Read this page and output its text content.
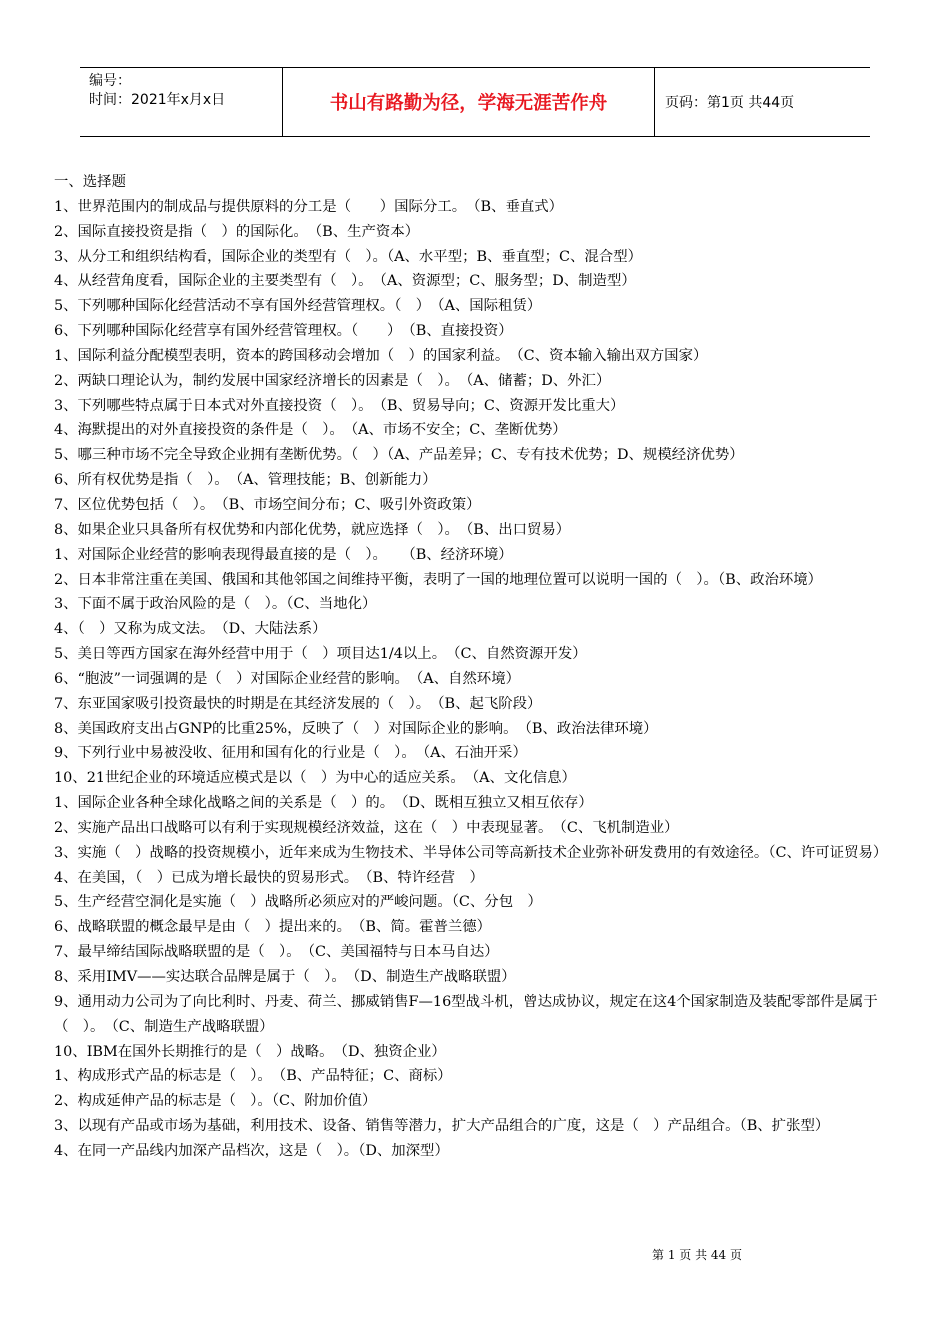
编号：
时间：2021年x月x日	书山有路勤为径，学海无涯苦作舟	页码：第1页 共44页
一、选择题
1、世界范围内的制成品与提供原料的分工是（　　）国际分工。　（B、垂直式）
2、国际直接投资是指（　）的国际化。　（B、生产资本）
3、从分工和组织结构看，国际企业的类型有（　）。（A、水平型；B、垂直型；C、混合型）
4、从经营角度看，国际企业的主要类型有（　）。　（A、资源型；C、服务型；D、制造型）
5、下列哪种国际化经营活动不享有国外经营管理权。（　）　（A、国际租赁）
6、下列哪种国际化经营享有国外经营管理权。（　　）　（B、直接投资）
1、国际利益分配模型表明，资本的跨国移动会增加（　）的国家利益。　（C、资本输入输出双方国家）
2、两缺口理论认为，制约发展中国家经济增长的因素是（　）。　（A、储蓄；D、外汇）
3、下列哪些特点属于日本式对外直接投资（　）。　（B、贸易导向；C、资源开发比重大）
4、海默提出的对外直接投资的条件是（　）。　（A、市场不安全；C、垄断优势）
5、哪三种市场不完全导致企业拥有垄断优势。（　）（A、产品差异；C、专有技术优势；D、规模经济优势）
6、所有权优势是指（　）。　（A、管理技能；B、创新能力）
7、区位优势包括（　）。　（B、市场空间分布；C、吸引外资政策）
8、如果企业只具备所有权优势和内部化优势，就应选择（　）。　（B、出口贸易）
1、对国际企业经营的影响表现得最直接的是（　）。　　（B、经济环境）
2、日本非常注重在美国、俄国和其他邻国之间维持平衡，表明了一国的地理位置可以说明一国的（　）。（B、政治环境）
3、下面不属于政治风险的是（　）。（C、当地化）
4、（　）又称为成文法。　（D、大陆法系）
5、美日等西方国家在海外经营中用于（　）项目达1/4以上。　（C、自然资源开发）
6、“胞波”一词强调的是（　）对国际企业经营的影响。　（A、自然环境）
7、东亚国家吸引投资最快的时期是在其经济发展的（　）。　（B、起飞阶段）
8、美国政府支出占GNP的比重25%，反映了（　）对国际企业的影响。　（B、政治法律环境）
9、下列行业中易被没收、征用和国有化的行业是（　）。　（A、石油开采）
10、21世纪企业的环境适应模式是以（　）为中心的适应关系。　（A、文化信息）
1、国际企业各种全球化战略之间的关系是（　）的。　（D、既相互独立又相互依存）
2、实施产品出口战略可以有利于实现规模经济效益，这在（　）中表现显著。　（C、飞机制造业）
3、实施（　）战略的投资规模小，近年来成为生物技术、半导体公司等高新技术企业弥补研发费用的有效途径。（C、许可证贸易）
4、在美国，（　）已成为增长最快的贸易形式。　（B、特许经营　）
5、生产经营空洞化是实施（　）战略所必须应对的严峻问题。（C、分包　）
6、战略联盟的概念最早是由（　）提出来的。　（B、简。霍普兰德）
7、最早缔结国际战略联盟的是（　）。　（C、美国福特与日本马自达）
8、采用IMV——实达联合品牌是属于（　）。　（D、制造生产战略联盟）
9、通用动力公司为了向比利时、丹麦、荷兰、挪威销售F—16型战斗机，曾达成协议，规定在这4个国家制造及装配零部件是属于（　）。　（C、制造生产战略联盟）
10、IBM在国外长期推行的是（　）战略。　（D、独资企业）
1、构成形式产品的标志是（　）。　（B、产品特征；C、商标）
2、构成延伸产品的标志是（　）。（C、附加价值）
3、以现有产品或市场为基础，利用技术、设备、销售等潜力，扩大产品组合的广度，这是（　）产品组合。（B、扩张型）
4、在同一产品线内加深产品档次，这是（　）。（D、加深型）
第 1 页 共 44 页
